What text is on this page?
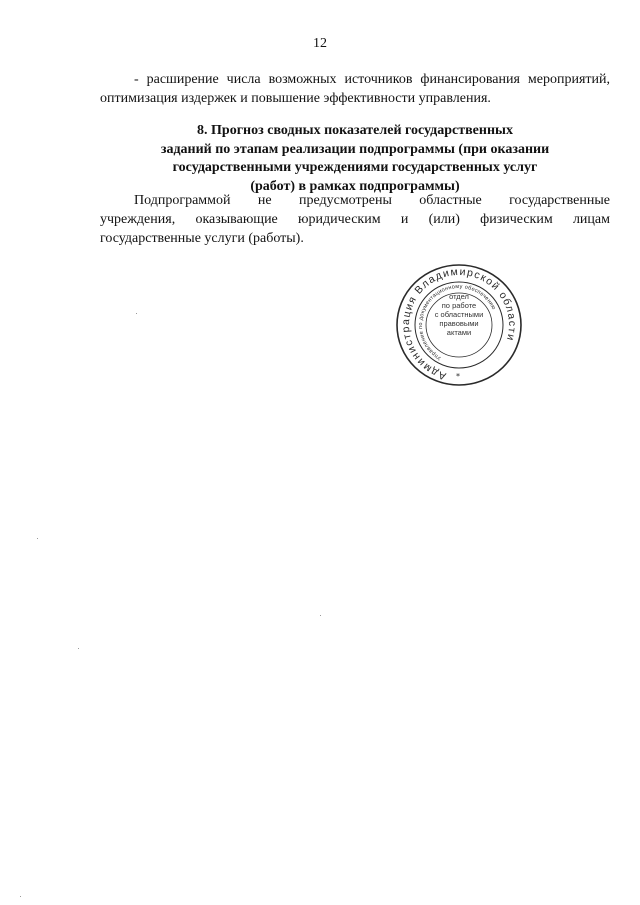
12

- расширение числа возможных источников финансирования мероприятий, оптимизация издержек и повышение эффективности управления.

8. Прогноз сводных показателей государственных
заданий по этапам реализации подпрограммы (при оказании
государственными учреждениями государственных услуг
(работ) в рамках подпрограммы)
Подпрограммой не предусмотрены областные государственные
учреждения, оказывающие юридическим и (или) физическим лицам
государственные услуги (работы).
Администрация Владимирской области
Управление по документационному обеспечению
*
отдел
по работе
с областными
правовыми
актами
